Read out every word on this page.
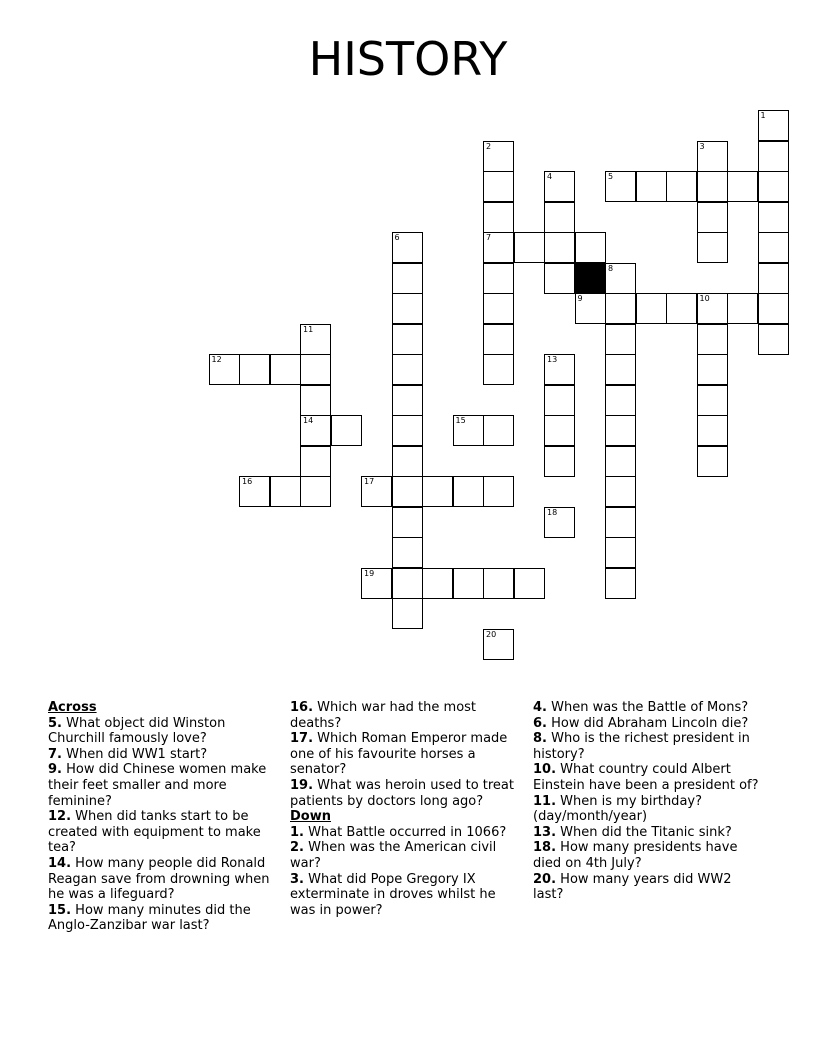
HISTORY
1
2	3
4	5
6	7
8
9	10
11
12	13
14	15
16	17
18
19
20
Across
5. What object did Winston Churchill famously love?
7. When did WW1 start?
9. How did Chinese women make their feet smaller and more feminine?
12. When did tanks start to be created with equipment to make tea?
14. How many people did Ronald Reagan save from drowning when he was a lifeguard?
15. How many minutes did the Anglo-Zanzibar war last?
16. Which war had the most deaths?
17. Which Roman Emperor made one of his favourite horses a senator?
19. What was heroin used to treat patients by doctors long ago?
Down
1. What Battle occurred in 1066?
2. When was the American civil war?
3. What did Pope Gregory IX exterminate in droves whilst he was in power?
4. When was the Battle of Mons?
6. How did Abraham Lincoln die?
8. Who is the richest president in history?
10. What country could Albert Einstein have been a president of?
11. When is my birthday? (day/month/year)
13. When did the Titanic sink?
18. How many presidents have died on 4th July?
20. How many years did WW2 last?
